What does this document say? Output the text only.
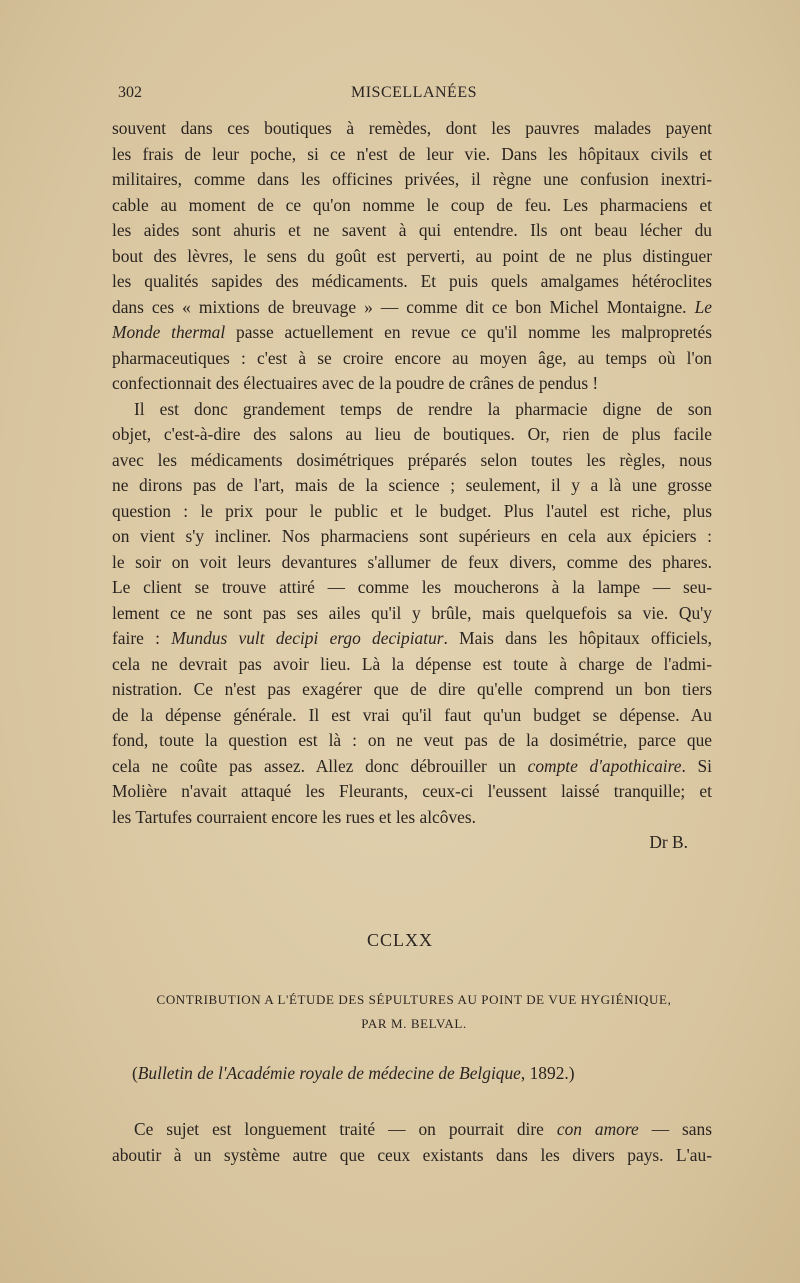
302	MISCELLANÉES
souvent dans ces boutiques à remèdes, dont les pauvres malades payent
les frais de leur poche, si ce n'est de leur vie. Dans les hôpitaux civils et
militaires, comme dans les officines privées, il règne une confusion inextri-
cable au moment de ce qu'on nomme le coup de feu. Les pharmaciens et
les aides sont ahuris et ne savent à qui entendre. Ils ont beau lécher du
bout des lèvres, le sens du goût est perverti, au point de ne plus distinguer
les qualités sapides des médicaments. Et puis quels amalgames hétéroclites
dans ces « mixtions de breuvage » — comme dit ce bon Michel Montaigne. Le
Monde thermal passe actuellement en revue ce qu'il nomme les malpropretés
pharmaceutiques : c'est à se croire encore au moyen âge, au temps où l'on
confectionnait des électuaires avec de la poudre de crânes de pendus !
Il est donc grandement temps de rendre la pharmacie digne de son
objet, c'est-à-dire des salons au lieu de boutiques. Or, rien de plus facile
avec les médicaments dosimétriques préparés selon toutes les règles, nous
ne dirons pas de l'art, mais de la science ; seulement, il y a là une grosse
question : le prix pour le public et le budget. Plus l'autel est riche, plus
on vient s'y incliner. Nos pharmaciens sont supérieurs en cela aux épiciers :
le soir on voit leurs devantures s'allumer de feux divers, comme des phares.
Le client se trouve attiré — comme les moucherons à la lampe — seu-
lement ce ne sont pas ses ailes qu'il y brûle, mais quelquefois sa vie. Qu'y
faire : Mundus vult decipi ergo decipiatur. Mais dans les hôpitaux officiels,
cela ne devrait pas avoir lieu. Là la dépense est toute à charge de l'admi-
nistration. Ce n'est pas exagérer que de dire qu'elle comprend un bon tiers
de la dépense générale. Il est vrai qu'il faut qu'un budget se dépense. Au
fond, toute la question est là : on ne veut pas de la dosimétrie, parce que
cela ne coûte pas assez. Allez donc débrouiller un compte d'apothicaire. Si
Molière n'avait attaqué les Fleurants, ceux-ci l'eussent laissé tranquille; et
les Tartufes courraient encore les rues et les alcôves.
Dr B.
CCLXX
CONTRIBUTION A L'ÉTUDE DES SÉPULTURES AU POINT DE VUE HYGIÉNIQUE,
PAR M. BELVAL.
(Bulletin de l'Académie royale de médecine de Belgique, 1892.)
Ce sujet est longuement traité — on pourrait dire con amore — sans
aboutir à un système autre que ceux existants dans les divers pays. L'au-
